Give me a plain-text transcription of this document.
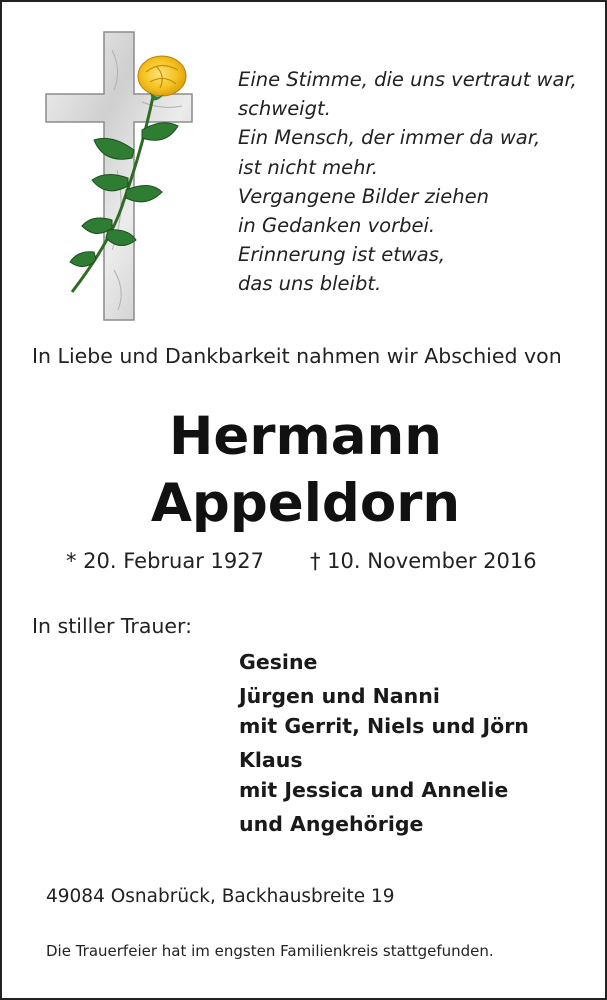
Eine Stimme, die uns vertraut war,
schweigt.
Ein Mensch, der immer da war,
ist nicht mehr.
Vergangene Bilder ziehen
in Gedanken vorbei.
Erinnerung ist etwas,
das uns bleibt.
In Liebe und Dankbarkeit nahmen wir Abschied von
Hermann
Appeldorn
* 20. Februar 1927 † 10. November 2016
In stiller Trauer:
Gesine
Jürgen und Nanni
mit Gerrit, Niels und Jörn
Klaus
mit Jessica und Annelie
und Angehörige
49084 Osnabrück, Backhausbreite 19
Die Trauerfeier hat im engsten Familienkreis stattgefunden.
